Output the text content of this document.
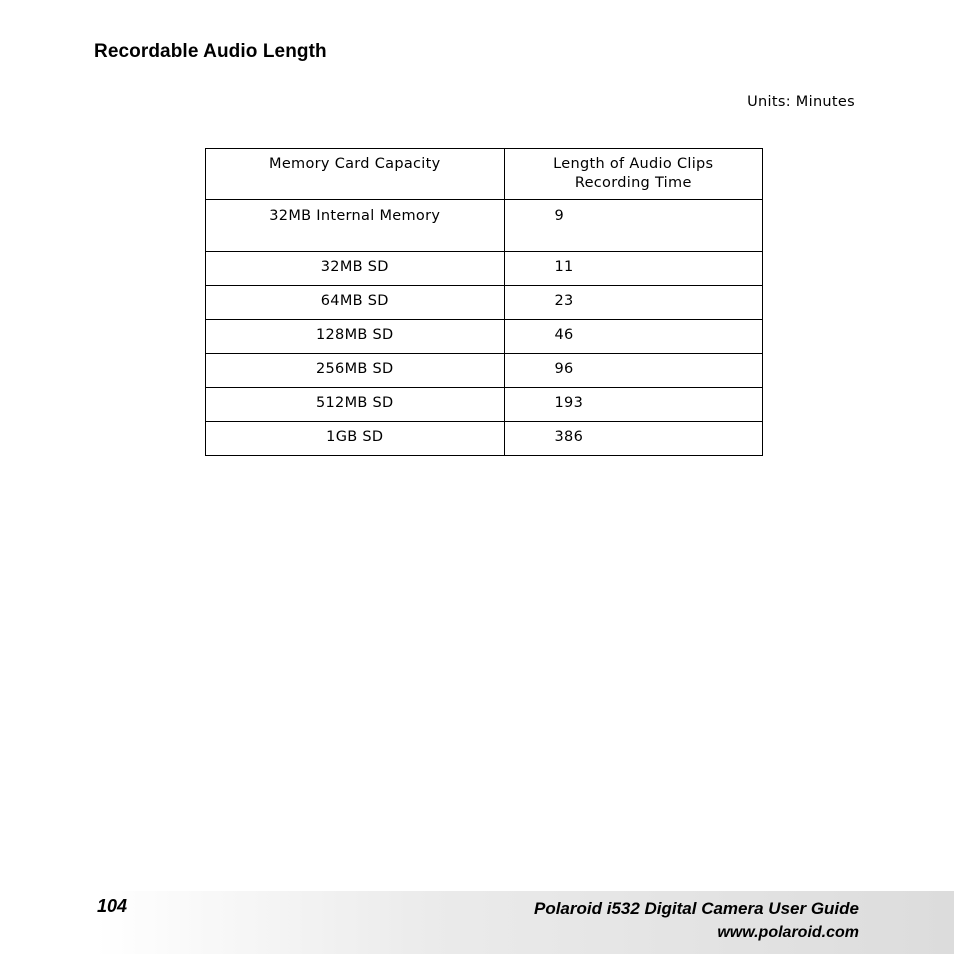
Recordable Audio Length
Units: Minutes
Memory Card Capacity	Length of Audio Clips
Recording Time

32MB Internal Memory	9
32MB SD	11
64MB SD	23
128MB SD	46
256MB SD	96
512MB SD	193
1GB SD	386
104	Polaroid i532 Digital Camera User Guide
www.polaroid.com
